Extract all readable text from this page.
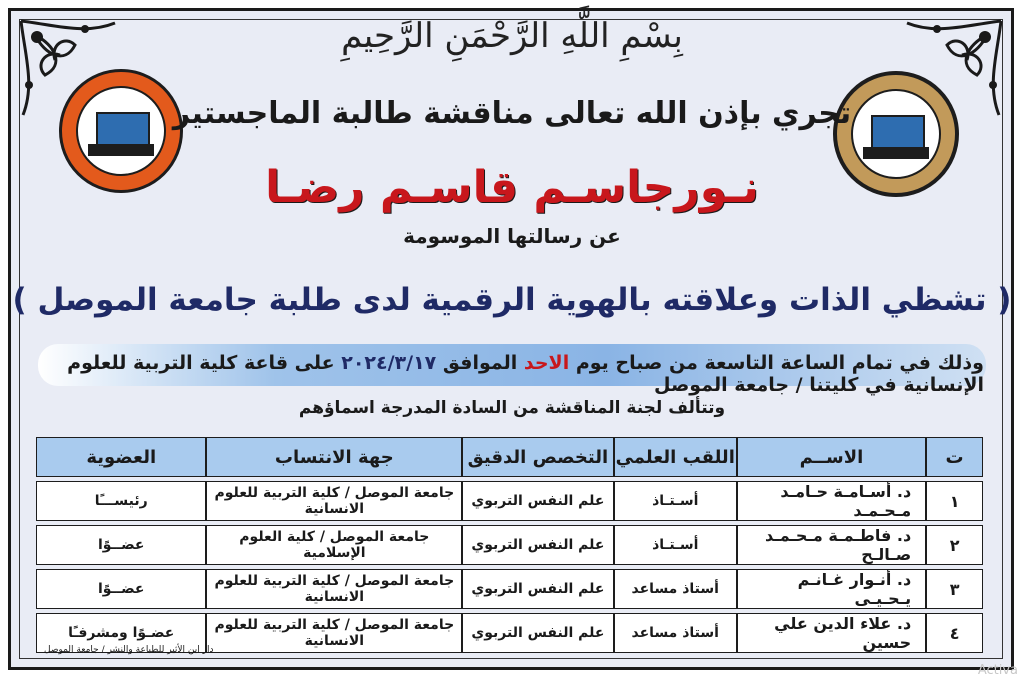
بِسْمِ اللَّهِ الرَّحْمَنِ الرَّحِيمِ
تجري بإذن الله تعالى مناقشة طالبة الماجستير
نـورجاسـم قاسـم رضـا
عن رسالتها الموسومة
( تشظي الذات وعلاقته بالهوية الرقمية لدى طلبة جامعة الموصل )
وذلك في تمام الساعة التاسعة من صباح يوم الاحد الموافق ٢٠٢٤/٣/١٧ على قاعة كلية التربية للعلوم الإنسانية في كليتنا / جامعة الموصل
وتتألف لجنة المناقشة من السادة المدرجة اسماؤهم
ت	الاســم	اللقب العلمي	التخصص الدقيق	جهة الانتساب	العضوية
١	د. أسـامـة حـامـد مـحـمـد	أسـتـاذ	علم النفس التربوي	جامعة الموصل / كلية التربية للعلوم الانسانية	رئيســـًا
٢	د. فاطـمـة مـحـمـد صـالـح	أسـتـاذ	علم النفس التربوي	جامعة الموصل / كلية العلوم الإسلامية	عضــوًا
٣	د. أنـوار غـانـم يـحـيـى	أستاذ مساعد	علم النفس التربوي	جامعة الموصل / كلية التربية للعلوم الانسانية	عضــوًا
٤	د. علاء الدين علي حسين	أستاذ مساعد	علم النفس التربوي	جامعة الموصل / كلية التربية للعلوم الانسانية	عضـوًا ومشرفـًا
دار ابن الأثير للطباعة والنشر / جامعة الموصل
Activa
